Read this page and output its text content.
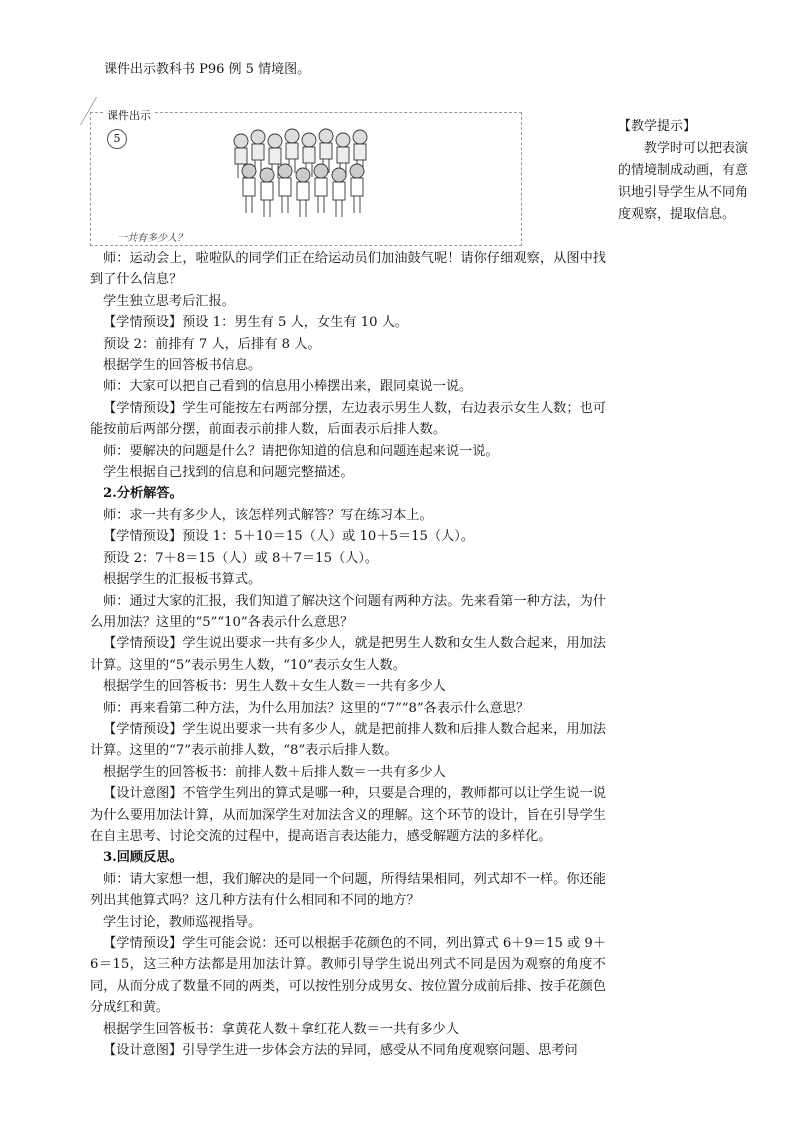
课件出示教科书 P96 例 5 情境图。
课件出示
5
一共有多少人？
【教学提示】
教学时可以把表演的情境制成动画，有意识地引导学生从不同角度观察，提取信息。

师：运动会上，啦啦队的同学们正在给运动员们加油鼓气呢！请你仔细观察，从图中找到了什么信息？

学生独立思考后汇报。

【学情预设】预设 1：男生有 5 人，女生有 10 人。

预设 2：前排有 7 人，后排有 8 人。

根据学生的回答板书信息。

师：大家可以把自己看到的信息用小棒摆出来，跟同桌说一说。

【学情预设】学生可能按左右两部分摆，左边表示男生人数，右边表示女生人数；也可能按前后两部分摆，前面表示前排人数，后面表示后排人数。

师：要解决的问题是什么？请把你知道的信息和问题连起来说一说。

学生根据自己找到的信息和问题完整描述。

2.分析解答。

师：求一共有多少人，该怎样列式解答？写在练习本上。

【学情预设】预设 1：5＋10＝15（人）或 10＋5＝15（人）。

预设 2：7＋8＝15（人）或 8＋7＝15（人）。

根据学生的汇报板书算式。

师：通过大家的汇报，我们知道了解决这个问题有两种方法。先来看第一种方法，为什么用加法？这里的“5”“10”各表示什么意思？

【学情预设】学生说出要求一共有多少人，就是把男生人数和女生人数合起来，用加法计算。这里的“5”表示男生人数，“10”表示女生人数。

根据学生的回答板书：男生人数＋女生人数＝一共有多少人

师：再来看第二种方法，为什么用加法？这里的“7”“8”各表示什么意思？

【学情预设】学生说出要求一共有多少人，就是把前排人数和后排人数合起来，用加法计算。这里的“7”表示前排人数，“8”表示后排人数。

根据学生的回答板书：前排人数＋后排人数＝一共有多少人

【设计意图】不管学生列出的算式是哪一种，只要是合理的，教师都可以让学生说一说为什么要用加法计算，从而加深学生对加法含义的理解。这个环节的设计，旨在引导学生在自主思考、讨论交流的过程中，提高语言表达能力，感受解题方法的多样化。

3.回顾反思。

师：请大家想一想，我们解决的是同一个问题，所得结果相同，列式却不一样。你还能列出其他算式吗？这几种方法有什么相同和不同的地方？

学生讨论，教师巡视指导。

【学情预设】学生可能会说：还可以根据手花颜色的不同，列出算式 6＋9＝15 或 9＋6＝15，这三种方法都是用加法计算。教师引导学生说出列式不同是因为观察的角度不同，从而分成了数量不同的两类，可以按性别分成男女、按位置分成前后排、按手花颜色分成红和黄。

根据学生回答板书：拿黄花人数＋拿红花人数＝一共有多少人

【设计意图】引导学生进一步体会方法的异同，感受从不同角度观察问题、思考问
